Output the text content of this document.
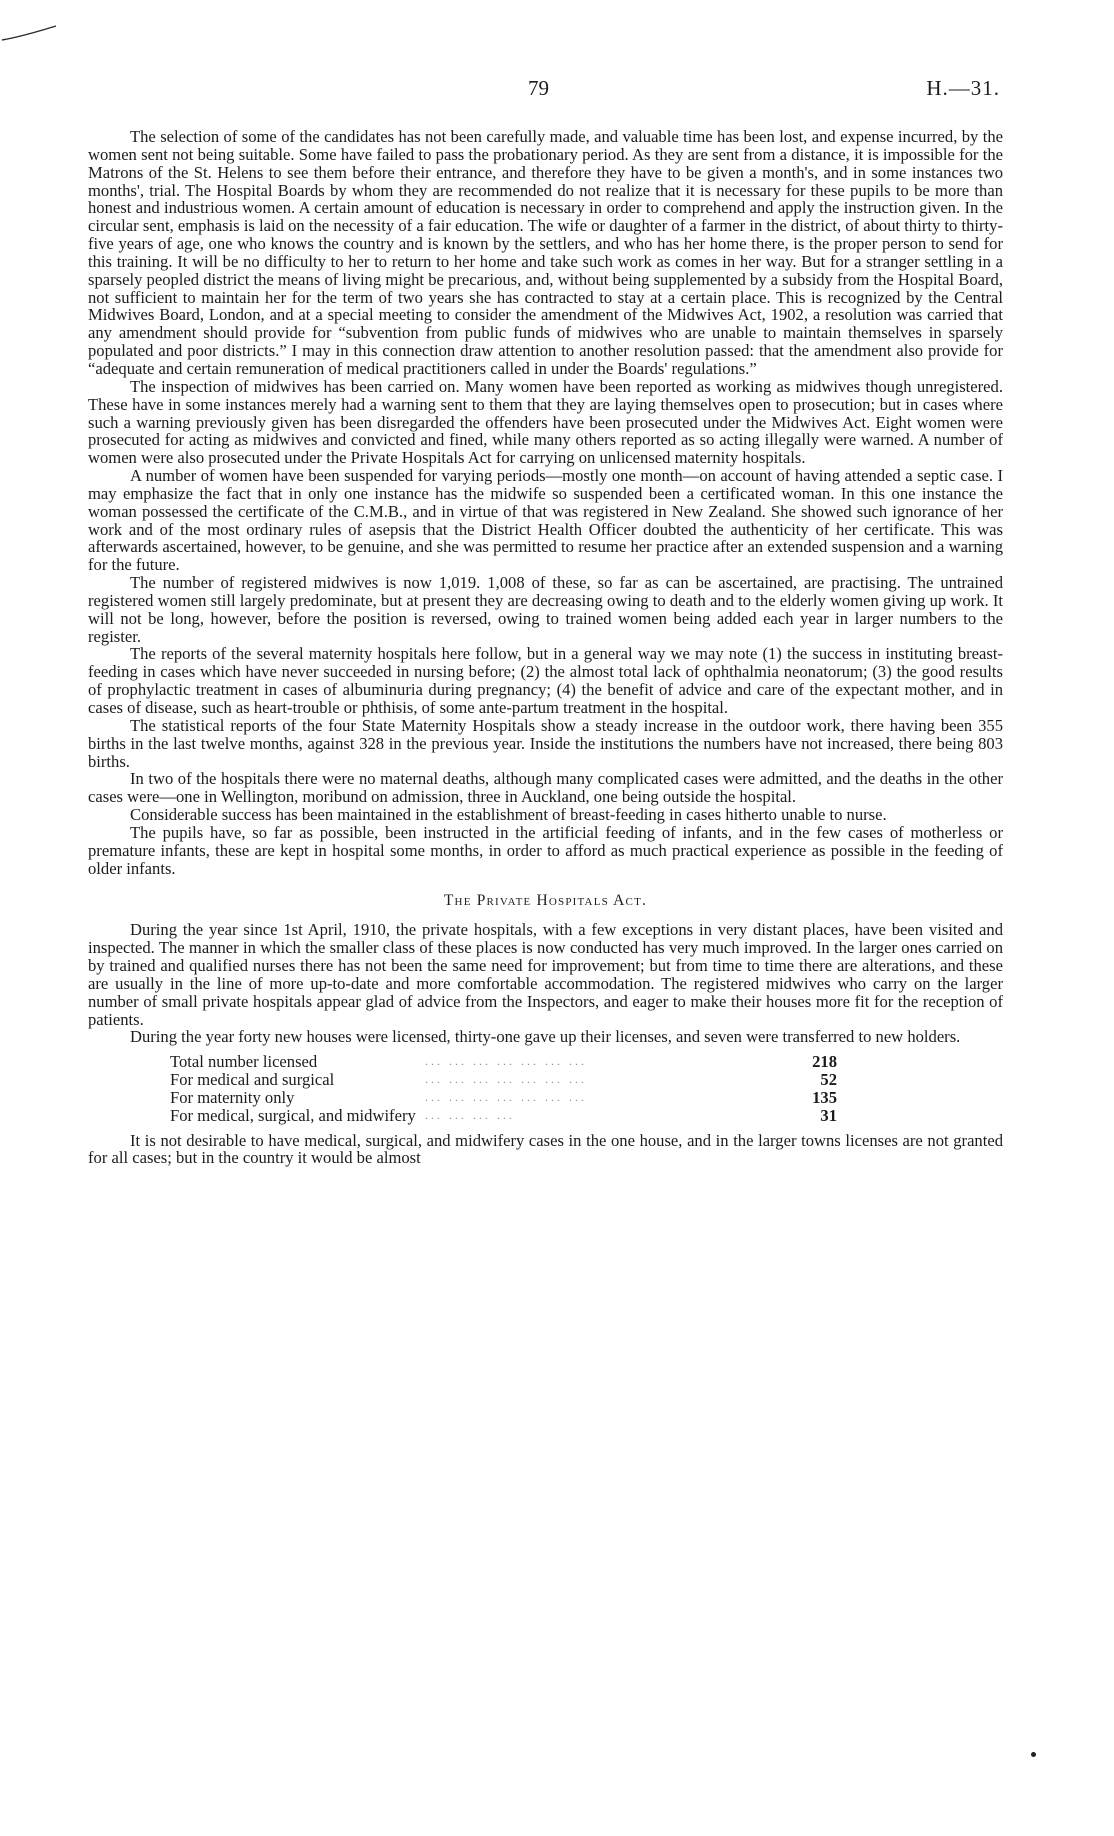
79	H.—31.

The selection of some of the candidates has not been carefully made, and valuable time has been lost, and expense incurred, by the women sent not being suitable. Some have failed to pass the probationary period. As they are sent from a distance, it is impossible for the Matrons of the St. Helens to see them before their entrance, and therefore they have to be given a month's, and in some instances two months', trial. The Hospital Boards by whom they are recommended do not realize that it is necessary for these pupils to be more than honest and industrious women. A certain amount of education is necessary in order to comprehend and apply the instruction given. In the circular sent, emphasis is laid on the necessity of a fair education. The wife or daughter of a farmer in the district, of about thirty to thirty-five years of age, one who knows the country and is known by the settlers, and who has her home there, is the proper person to send for this training. It will be no difficulty to her to return to her home and take such work as comes in her way. But for a stranger settling in a sparsely peopled district the means of living might be precarious, and, without being supplemented by a subsidy from the Hospital Board, not sufficient to maintain her for the term of two years she has contracted to stay at a certain place. This is recognized by the Central Midwives Board, London, and at a special meeting to consider the amendment of the Midwives Act, 1902, a resolution was carried that any amendment should provide for “subvention from public funds of midwives who are unable to maintain themselves in sparsely populated and poor districts.” I may in this connection draw attention to another resolution passed: that the amendment also provide for “adequate and certain remuneration of medical practitioners called in under the Boards' regulations.”

The inspection of midwives has been carried on. Many women have been reported as working as midwives though unregistered. These have in some instances merely had a warning sent to them that they are laying themselves open to prosecution; but in cases where such a warning previously given has been disregarded the offenders have been prosecuted under the Midwives Act. Eight women were prosecuted for acting as midwives and convicted and fined, while many others reported as so acting illegally were warned. A number of women were also prosecuted under the Private Hospitals Act for carrying on unlicensed maternity hospitals.

A number of women have been suspended for varying periods—mostly one month—on account of having attended a septic case. I may emphasize the fact that in only one instance has the midwife so suspended been a certificated woman. In this one instance the woman possessed the certificate of the C.M.B., and in virtue of that was registered in New Zealand. She showed such ignorance of her work and of the most ordinary rules of asepsis that the District Health Officer doubted the authenticity of her certificate. This was afterwards ascertained, however, to be genuine, and she was permitted to resume her practice after an extended suspension and a warning for the future.

The number of registered midwives is now 1,019. 1,008 of these, so far as can be ascertained, are practising. The untrained registered women still largely predominate, but at present they are decreasing owing to death and to the elderly women giving up work. It will not be long, however, before the position is reversed, owing to trained women being added each year in larger numbers to the register.

The reports of the several maternity hospitals here follow, but in a general way we may note (1) the success in instituting breast-feeding in cases which have never succeeded in nursing before; (2) the almost total lack of ophthalmia neonatorum; (3) the good results of prophylactic treatment in cases of albuminuria during pregnancy; (4) the benefit of advice and care of the expectant mother, and in cases of disease, such as heart-trouble or phthisis, of some ante-partum treatment in the hospital.

The statistical reports of the four State Maternity Hospitals show a steady increase in the outdoor work, there having been 355 births in the last twelve months, against 328 in the previous year. Inside the institutions the numbers have not increased, there being 803 births.

In two of the hospitals there were no maternal deaths, although many complicated cases were admitted, and the deaths in the other cases were—one in Wellington, moribund on admission, three in Auckland, one being outside the hospital.

Considerable success has been maintained in the establishment of breast-feeding in cases hitherto unable to nurse.

The pupils have, so far as possible, been instructed in the artificial feeding of infants, and in the few cases of motherless or premature infants, these are kept in hospital some months, in order to afford as much practical experience as possible in the feeding of older infants.

The Private Hospitals Act.

During the year since 1st April, 1910, the private hospitals, with a few exceptions in very distant places, have been visited and inspected. The manner in which the smaller class of these places is now conducted has very much improved. In the larger ones carried on by trained and qualified nurses there has not been the same need for improvement; but from time to time there are alterations, and these are usually in the line of more up-to-date and more comfortable accommodation. The registered midwives who carry on the larger number of small private hospitals appear glad of advice from the Inspectors, and eager to make their houses more fit for the reception of patients.

During the year forty new houses were licensed, thirty-one gave up their licenses, and seven were transferred to new holders.

Total number licensed	... ... ... ... ... ... ...	218
For medical and surgical	... ... ... ... ... ... ...	52
For maternity only	... ... ... ... ... ... ...	135
For medical, surgical, and midwifery	... ... ... ...	31

It is not desirable to have medical, surgical, and midwifery cases in the one house, and in the larger towns licenses are not granted for all cases; but in the country it would be almost
